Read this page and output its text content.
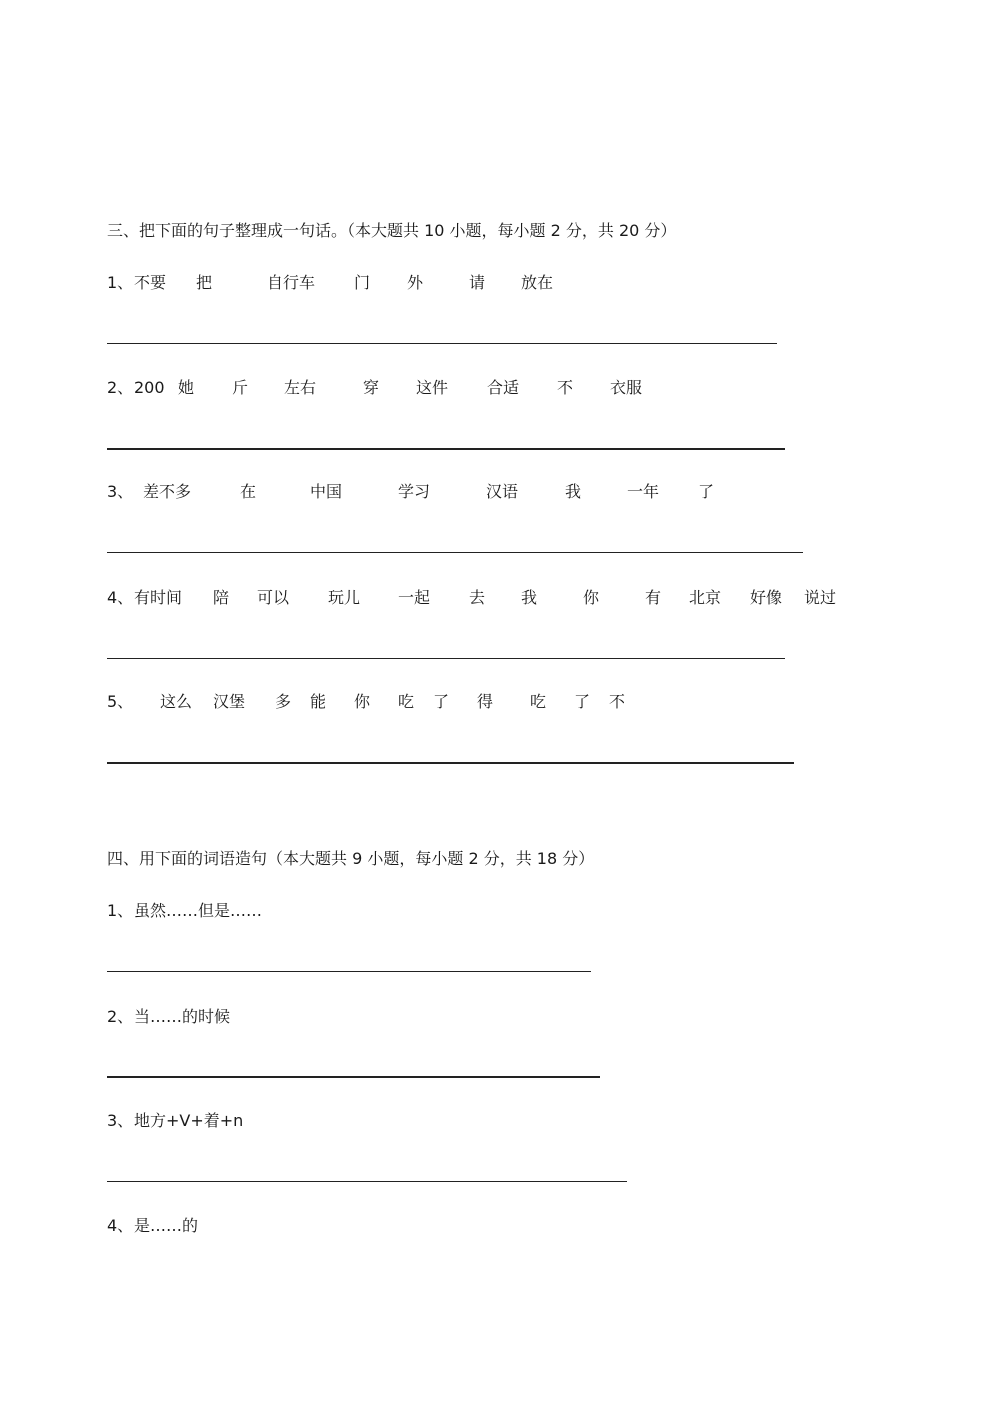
三、把下面的句子整理成一句话。（本大题共 10 小题，每小题 2 分，共 20 分）
1、 不要 把	自行车 门 外	请 放在
2、 200 她 斤 左右	穿 这件 合适 不 衣服
3、 差不多	在	中国	学习	汉语	我	一年 了
4、 有时间 陪 可以 玩儿 一起 去 我	你	有 北京 好像 说过
5、 这么 汉堡 多 能 你 吃 了 得 吃 了 不
四、用下面的词语造句（本大题共 9 小题，每小题 2 分，共 18 分）
1、 虽然……但是……
2、 当……的时候
3、 地方+V+着+n
4、 是……的
